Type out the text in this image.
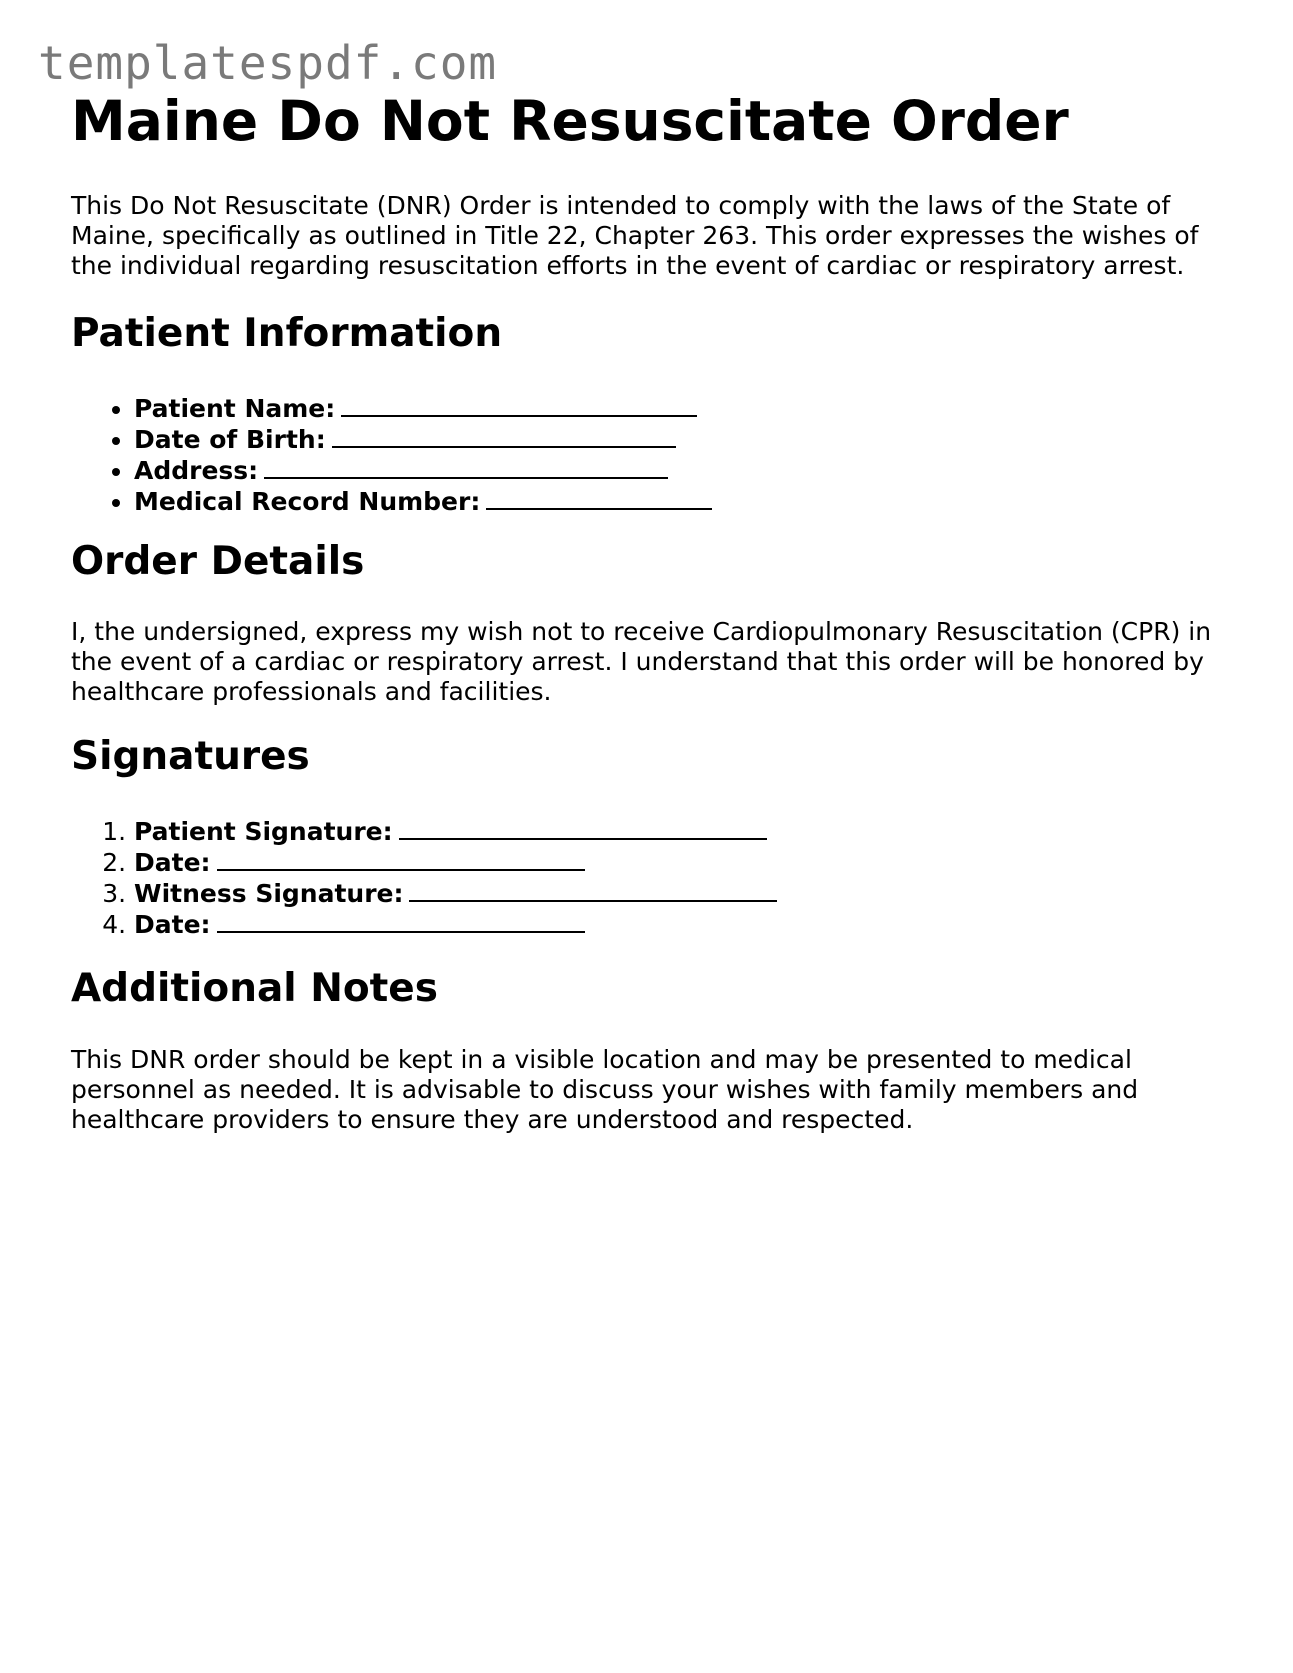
templatespdf.com
Maine Do Not Resuscitate Order

This Do Not Resuscitate (DNR) Order is intended to comply with the laws of the State of Maine, specifically as outlined in Title 22, Chapter 263. This order expresses the wishes of the individual regarding resuscitation efforts in the event of cardiac or respiratory arrest.

Patient Information
• Patient Name:
• Date of Birth:
• Address:
• Medical Record Number:
Order Details

I, the undersigned, express my wish not to receive Cardiopulmonary Resuscitation (CPR) in the event of a cardiac or respiratory arrest. I understand that this order will be honored by healthcare professionals and facilities.

Signatures
1. Patient Signature:
2. Date:
3. Witness Signature:
4. Date:
Additional Notes

This DNR order should be kept in a visible location and may be presented to medical personnel as needed. It is advisable to discuss your wishes with family members and healthcare providers to ensure they are understood and respected.
